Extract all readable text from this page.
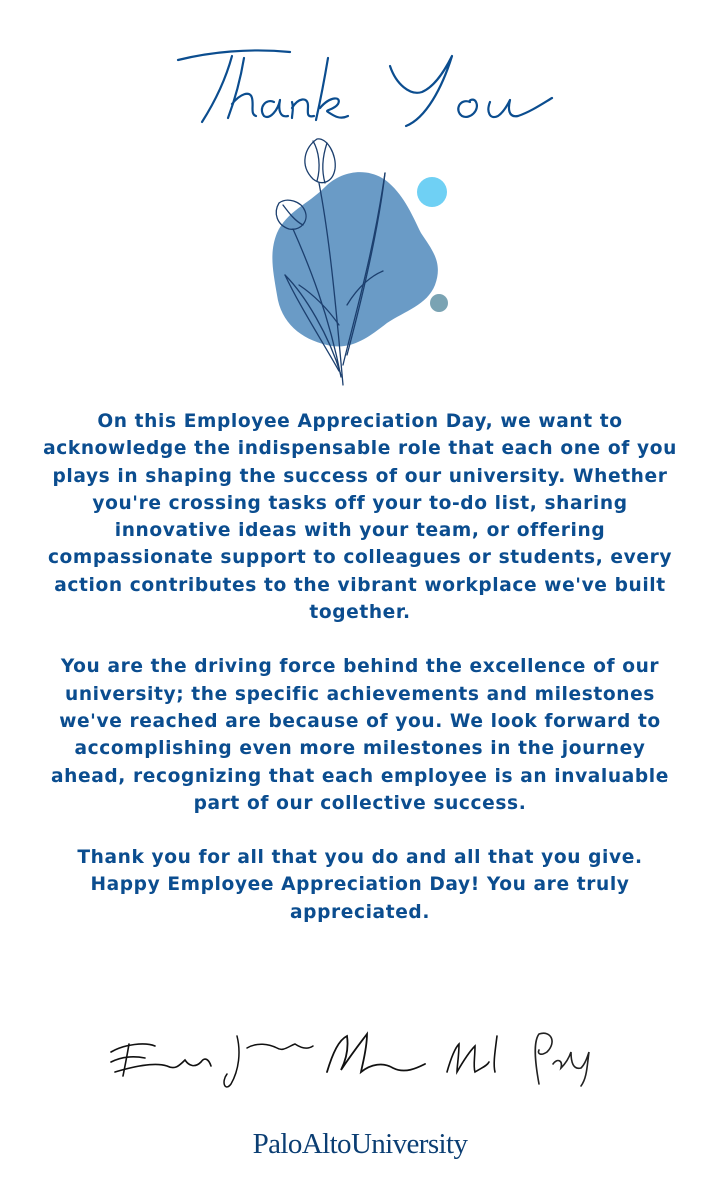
On this Employee Appreciation Day, we want to acknowledge the indispensable role that each one of you plays in shaping the success of our university. Whether you're crossing tasks off your to-do list, sharing innovative ideas with your team, or offering compassionate support to colleagues or students, every action contributes to the vibrant workplace we've built together.

You are the driving force behind the excellence of our university; the specific achievements and milestones we've reached are because of you. We look forward to accomplishing even more milestones in the journey ahead, recognizing that each employee is an invaluable part of our collective success.

Thank you for all that you do and all that you give. Happy Employee Appreciation Day! You are truly appreciated.

PaloAltoUniversity
